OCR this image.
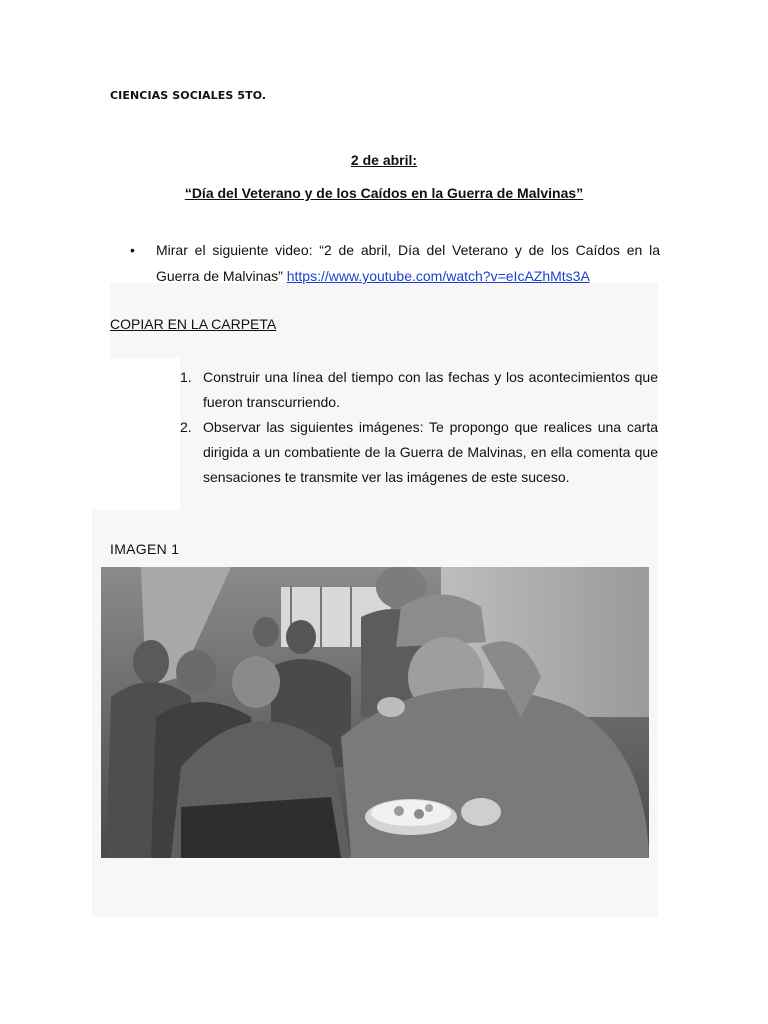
CIENCIAS SOCIALES 5TO.
2 de abril:
“Día del Veterano y de los Caídos en la Guerra de Malvinas”
• Mirar el siguiente video: “2 de abril, Día del Veterano y de los Caídos en la Guerra de Malvinas” https://www.youtube.com/watch?v=eIcAZhMts3A
COPIAR EN LA CARPETA
1. Construir una línea del tiempo con las fechas y los acontecimientos que fueron transcurriendo.
2. Observar las siguientes imágenes: Te propongo que realices una carta dirigida a un combatiente de la Guerra de Malvinas, en ella comenta que sensaciones te transmite ver las imágenes de este suceso.
IMAGEN 1
